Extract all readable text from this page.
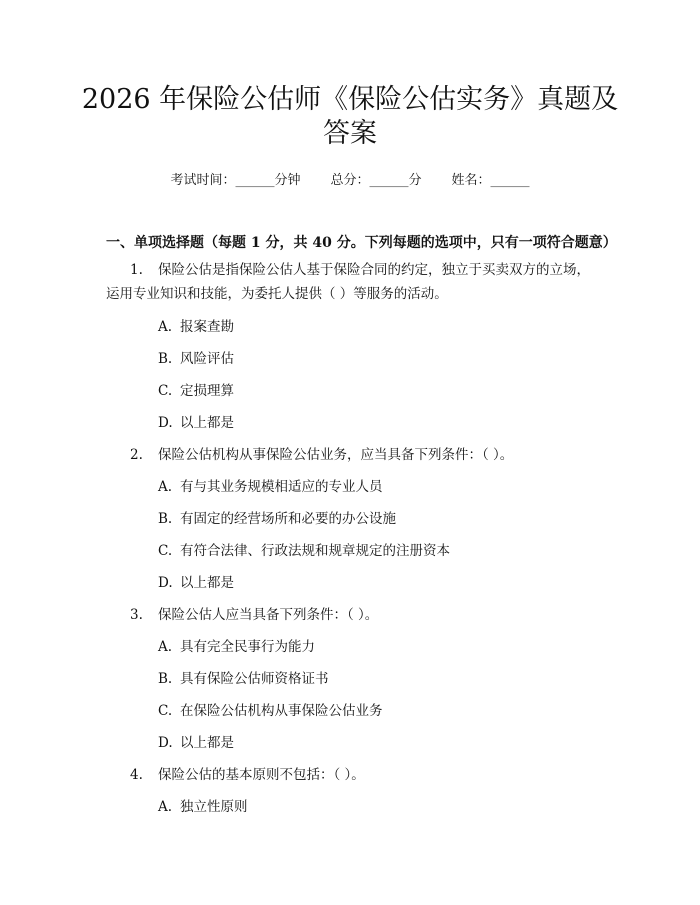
2026 年保险公估师《保险公估实务》真题及
答案
考试时间：______分钟 总分：______分 姓名：______
一、单项选择题（每题 1 分，共 40 分。下列每题的选项中，只有一项符合题意）
1. 保险公估是指保险公估人基于保险合同的约定，独立于买卖双方的立场，
运用专业知识和技能，为委托人提供（ ）等服务的活动。
A. 报案查勘
B. 风险评估
C. 定损理算
D. 以上都是
2. 保险公估机构从事保险公估业务，应当具备下列条件：（ ）。
A. 有与其业务规模相适应的专业人员
B. 有固定的经营场所和必要的办公设施
C. 有符合法律、行政法规和规章规定的注册资本
D. 以上都是
3. 保险公估人应当具备下列条件：（ ）。
A. 具有完全民事行为能力
B. 具有保险公估师资格证书
C. 在保险公估机构从事保险公估业务
D. 以上都是
4. 保险公估的基本原则不包括：（ ）。
A. 独立性原则
